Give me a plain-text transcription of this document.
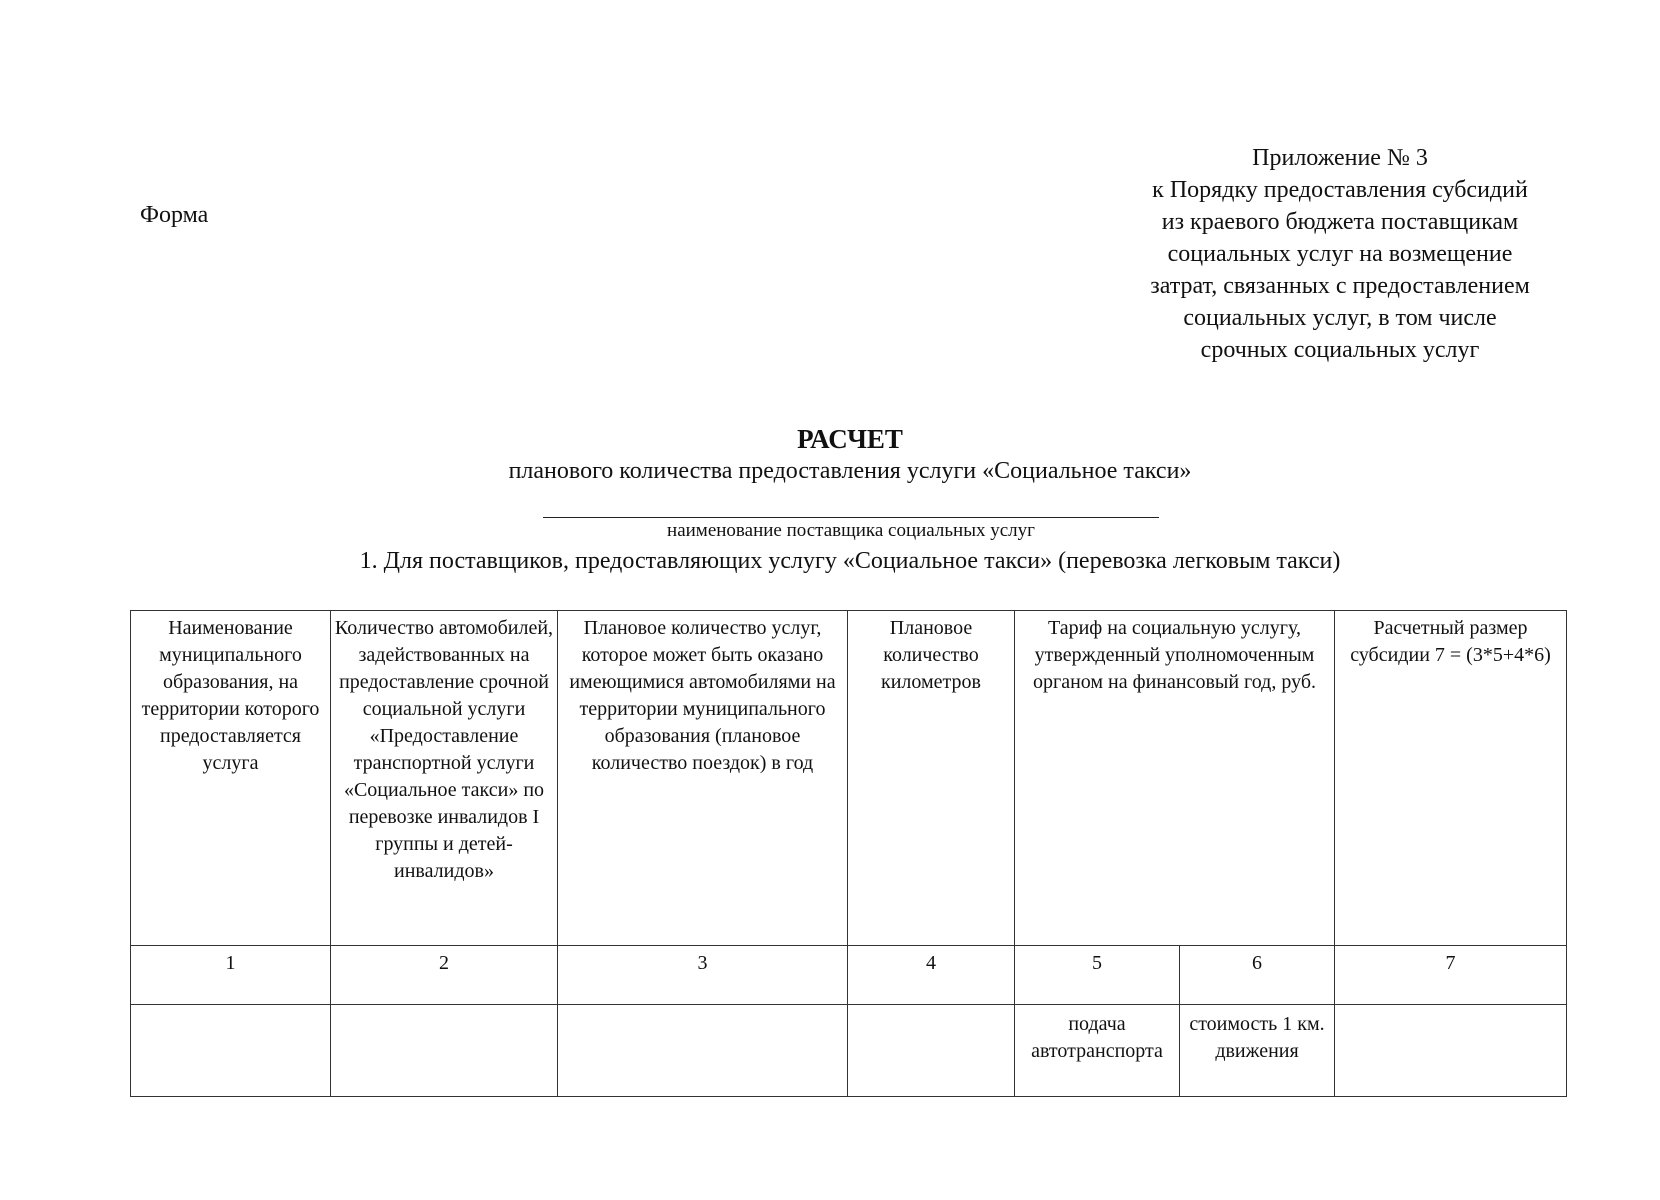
Форма
Приложение № 3
к Порядку предоставления субсидий
из краевого бюджета поставщикам
социальных услуг на возмещение
затрат, связанных с предоставлением
социальных услуг, в том числе
срочных социальных услуг
РАСЧЕТ
планового количества предоставления услуги «Социальное такси»
наименование поставщика социальных услуг
1. Для поставщиков, предоставляющих услугу «Социальное такси» (перевозка легковым такси)
Наименование муниципального образования, на территории которого предоставляется услуга	Количество автомобилей, задействованных на предоставление срочной социальной услуги «Предоставление транспортной услуги «Социальное такси» по перевозке инвалидов I группы и детей-инвалидов»	Плановое количество услуг, которое может быть оказано имеющимися автомобилями на территории муниципального образования (плановое количество поездок) в год	Плановое количество километров	Тариф на социальную услугу, утвержденный уполномоченным органом на финансовый год, руб.		Расчетный размер субсидии 7 = (3*5+4*6)
1	2	3	4	5	6	7
				подача автотранспорта	стоимость 1 км. движения	
